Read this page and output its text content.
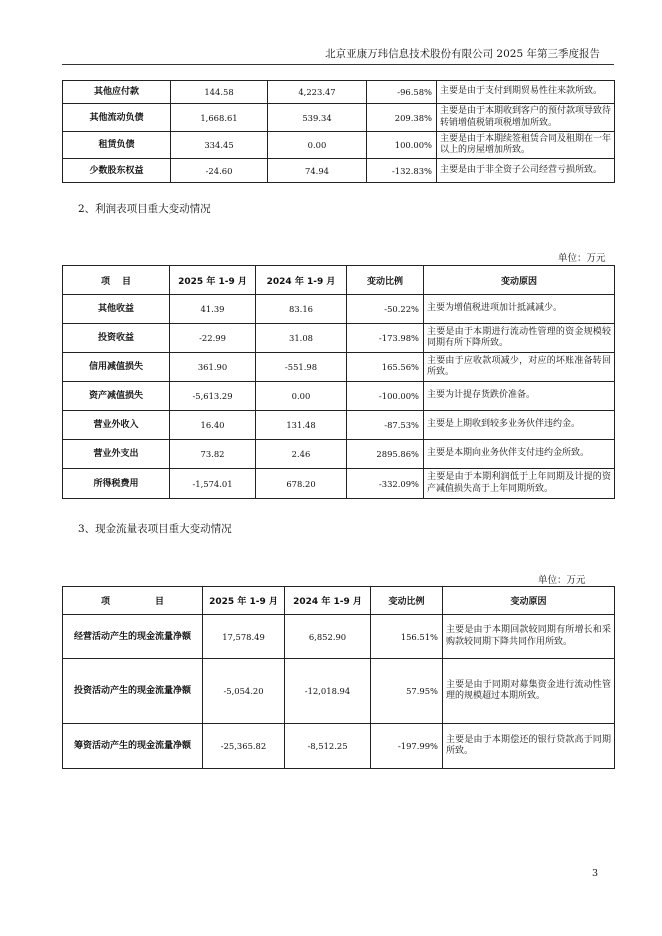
北京亚康万玮信息技术股份有限公司 2025 年第三季度报告
其他应付款	144.58	4,223.47	-96.58%	主要是由于支付到期贸易性往来款所致。
其他流动负债	1,668.61	539.34	209.38%	主要是由于本期收到客户的预付款项导致待转销增值税销项税增加所致。
租赁负债	334.45	0.00	100.00%	主要是由于本期续签租赁合同及租期在一年以上的房屋增加所致。
少数股东权益	-24.60	74.94	-132.83%	主要是由于非全资子公司经营亏损所致。
2、利润表项目重大变动情况
单位：万元
项 目	2025 年 1-9 月	2024 年 1-9 月	变动比例	变动原因
其他收益	41.39	83.16	-50.22%	主要为增值税进项加计抵减减少。
投资收益	-22.99	31.08	-173.98%	主要是由于本期进行流动性管理的资金规模较同期有所下降所致。
信用减值损失	361.90	-551.98	165.56%	主要由于应收款项减少，对应的坏账准备转回所致。
资产减值损失	-5,613.29	0.00	-100.00%	主要为计提存货跌价准备。
营业外收入	16.40	131.48	-87.53%	主要是上期收到较多业务伙伴违约金。
营业外支出	73.82	2.46	2895.86%	主要是本期向业务伙伴支付违约金所致。
所得税费用	-1,574.01	678.20	-332.09%	主要是由于本期利润低于上年同期及计提的资产减值损失高于上年同期所致。
3、现金流量表项目重大变动情况
单位：万元
项 目	2025 年 1-9 月	2024 年 1-9 月	变动比例	变动原因
经营活动产生的现金流量净额	17,578.49	6,852.90	156.51%	主要是由于本期回款较同期有所增长和采购款较同期下降共同作用所致。
投资活动产生的现金流量净额	-5,054.20	-12,018.94	57.95%	主要是由于同期对募集资金进行流动性管理的规模超过本期所致。
筹资活动产生的现金流量净额	-25,365.82	-8,512.25	-197.99%	主要是由于本期偿还的银行贷款高于同期所致。
3
